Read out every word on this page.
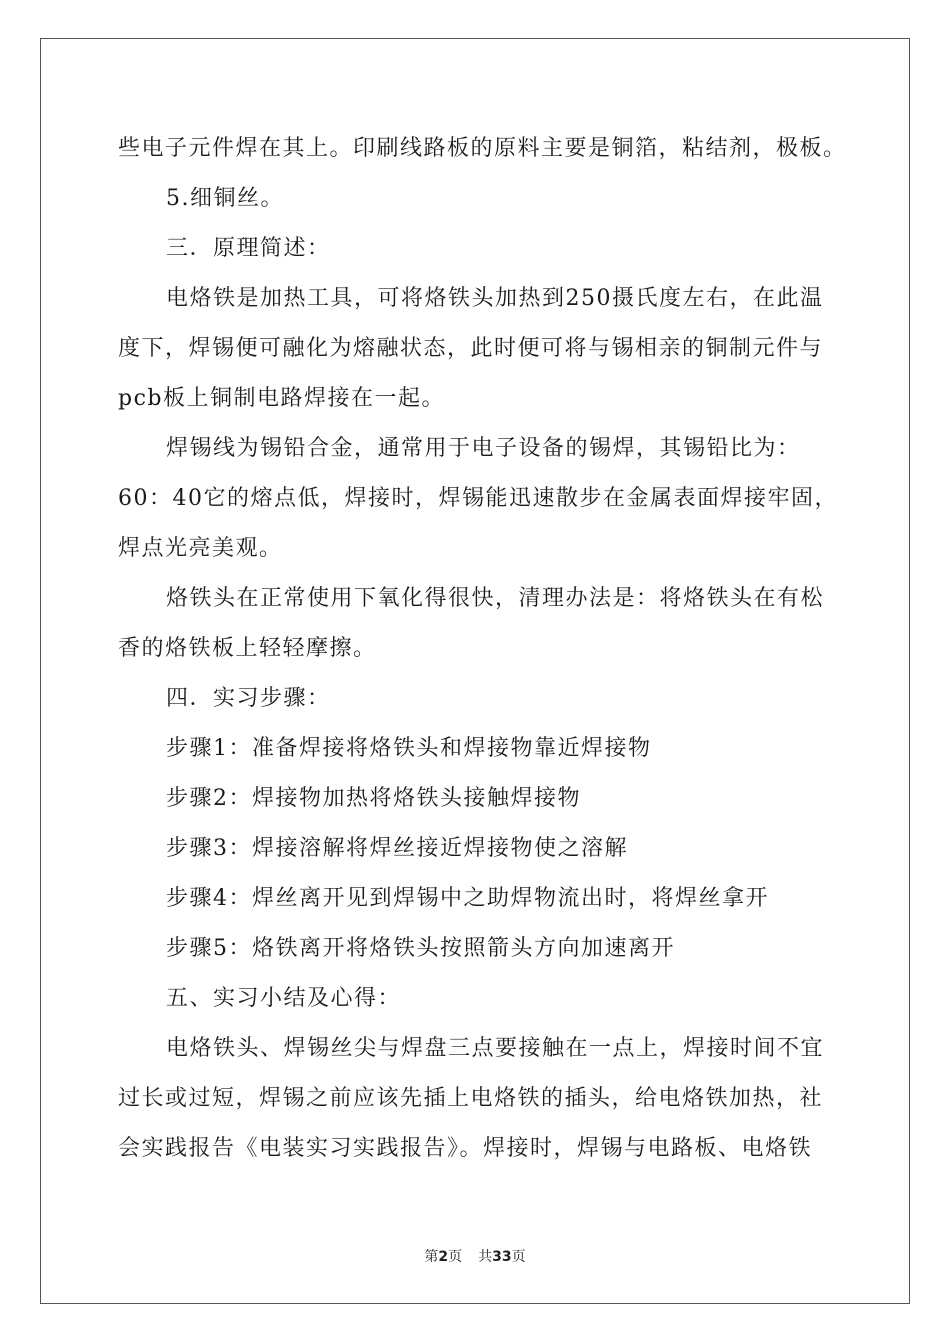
些电子元件焊在其上。印刷线路板的原料主要是铜箔，粘结剂，极板。
5.细铜丝。
三．原理简述：
电烙铁是加热工具，可将烙铁头加热到250摄氏度左右，在此温
度下，焊锡便可融化为熔融状态，此时便可将与锡相亲的铜制元件与
pcb板上铜制电路焊接在一起。
焊锡线为锡铅合金，通常用于电子设备的锡焊，其锡铅比为：
60：40它的熔点低，焊接时，焊锡能迅速散步在金属表面焊接牢固，
焊点光亮美观。
烙铁头在正常使用下氧化得很快，清理办法是：将烙铁头在有松
香的烙铁板上轻轻摩擦。
四．实习步骤：
步骤1：准备焊接将烙铁头和焊接物靠近焊接物
步骤2：焊接物加热将烙铁头接触焊接物
步骤3：焊接溶解将焊丝接近焊接物使之溶解
步骤4：焊丝离开见到焊锡中之助焊物流出时，将焊丝拿开
步骤5：烙铁离开将烙铁头按照箭头方向加速离开
五、实习小结及心得：
电烙铁头、焊锡丝尖与焊盘三点要接触在一点上，焊接时间不宜
过长或过短，焊锡之前应该先插上电烙铁的插头，给电烙铁加热，社
会实践报告《电装实习实践报告》。焊接时，焊锡与电路板、电烙铁
第2页 共33页
